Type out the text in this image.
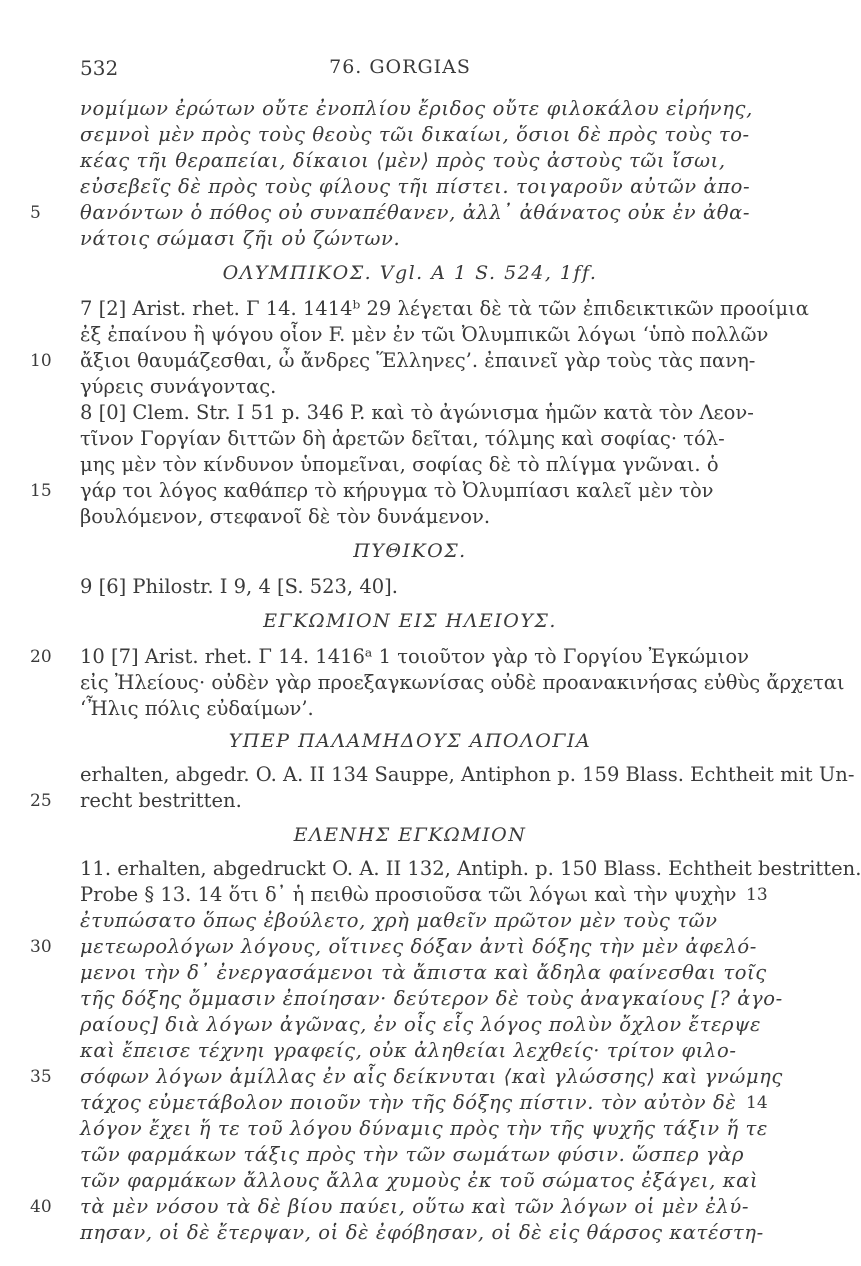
532	76. GORGIAS
νομίμων ἐρώτων οὔτε ἐνοπλίου ἔριδος οὔτε φιλοκάλου εἰρήνης,
σεμνοὶ μὲν πρὸς τοὺς θεοὺς τῶι δικαίωι, ὅσιοι δὲ πρὸς τοὺς το-
κέας τῆι θεραπείαι, δίκαιοι ⟨μὲν⟩ πρὸς τοὺς ἀστοὺς τῶι ἴσωι,
εὐσεβεῖς δὲ πρὸς τοὺς φίλους τῆι πίστει. τοιγαροῦν αὐτῶν ἀπο-
θανόντων ὁ πόθος οὐ συναπέθανεν, ἀλλ᾽ ἀθάνατος οὐκ ἐν ἀθα-
νάτοις σώμασι ζῆι οὐ ζώντων.
7 [2] Arist. rhet. Γ 14. 1414ᵇ 29 λέγεται δὲ τὰ τῶν ἐπιδεικτικῶν προοίμια
ἐξ ἐπαίνου ἢ ψόγου οἷον F. μὲν ἐν τῶι Ὀλυμπικῶι λόγωι ‘ὑπὸ πολλῶν
ἄξιοι θαυμάζεσθαι, ὦ ἄνδρες Ἕλληνες’. ἐπαινεῖ γὰρ τοὺς τὰς πανη-
γύρεις συνάγοντας.
8 [0] Clem. Str. I 51 p. 346 P. καὶ τὸ ἀγώνισμα ἡμῶν κατὰ τὸν Λεον-
τῖνον Γοργίαν διττῶν δὴ ἀρετῶν δεῖται, τόλμης καὶ σοφίας· τόλ-
μης μὲν τὸν κίνδυνον ὑπομεῖναι, σοφίας δὲ τὸ πλίγμα γνῶναι. ὁ
γάρ τοι λόγος καθάπερ τὸ κήρυγμα τὸ Ὀλυμπίασι καλεῖ μὲν τὸν
βουλόμενον, στεφανοῖ δὲ τὸν δυνάμενον.
9 [6] Philostr. I 9, 4 [S. 523, 40].
10 [7] Arist. rhet. Γ 14. 1416ᵃ 1 τοιοῦτον γὰρ τὸ Γοργίου Ἐγκώμιον
εἰς Ἠλείους· οὐδὲν γὰρ προεξαγκωνίσας οὐδὲ προανακινήσας εὐθὺς ἄρχεται
‘Ἦλις πόλις εὐδαίμων’.
erhalten, abgedr. O. A. II 134 Sauppe, Antiphon p. 159 Blass. Echtheit mit Un-
recht bestritten.
11. erhalten, abgedruckt O. A. II 132, Antiph. p. 150 Blass. Echtheit bestritten.
Probe § 13. 14 ὅτι δ᾽ ἡ πειθὼ προσιοῦσα τῶι λόγωι καὶ τὴν ψυχὴν
ἐτυπώσατο ὅπως ἐβούλετο, χρὴ μαθεῖν πρῶτον μὲν τοὺς τῶν
μετεωρολόγων λόγους, οἵτινες δόξαν ἀντὶ δόξης τὴν μὲν ἀφελό-
μενοι τὴν δ᾽ ἐνεργασάμενοι τὰ ἄπιστα καὶ ἄδηλα φαίνεσθαι τοῖς
τῆς δόξης ὄμμασιν ἐποίησαν· δεύτερον δὲ τοὺς ἀναγκαίους [? ἀγο-
ραίους] διὰ λόγων ἀγῶνας, ἐν οἷς εἷς λόγος πολὺν ὄχλον ἔτερψε
καὶ ἔπεισε τέχνηι γραφείς, οὐκ ἀληθείαι λεχθείς· τρίτον φιλο-
σόφων λόγων ἁμίλλας ἐν αἷς δείκνυται ⟨καὶ γλώσσης⟩ καὶ γνώμης
τάχος εὐμετάβολον ποιοῦν τὴν τῆς δόξης πίστιν. τὸν αὐτὸν δὲ
λόγον ἔχει ἥ τε τοῦ λόγου δύναμις πρὸς τὴν τῆς ψυχῆς τάξιν ἥ τε
τῶν φαρμάκων τάξις πρὸς τὴν τῶν σωμάτων φύσιν. ὥσπερ γὰρ
τῶν φαρμάκων ἄλλους ἄλλα χυμοὺς ἐκ τοῦ σώματος ἐξάγει, καὶ
τὰ μὲν νόσου τὰ δὲ βίου παύει, οὕτω καὶ τῶν λόγων οἱ μὲν ἐλύ-
πησαν, οἱ δὲ ἔτερψαν, οἱ δὲ ἐφόβησαν, οἱ δὲ εἰς θάρσος κατέστη-
ΟΛΥΜΠΙΚΟΣ. Vgl. A 1 S. 524, 1ff.
ΠΥΘΙΚΟΣ.
ΕΓΚΩΜΙΟΝ ΕΙΣ ΗΛΕΙΟΥΣ.
ΥΠΕΡ ΠΑΛΑΜΗΔΟΥΣ ΑΠΟΛΟΓΙΑ
ΕΛΕΝΗΣ ΕΓΚΩΜΙΟΝ
5
10
15
20
25
30
35
40
13
14
